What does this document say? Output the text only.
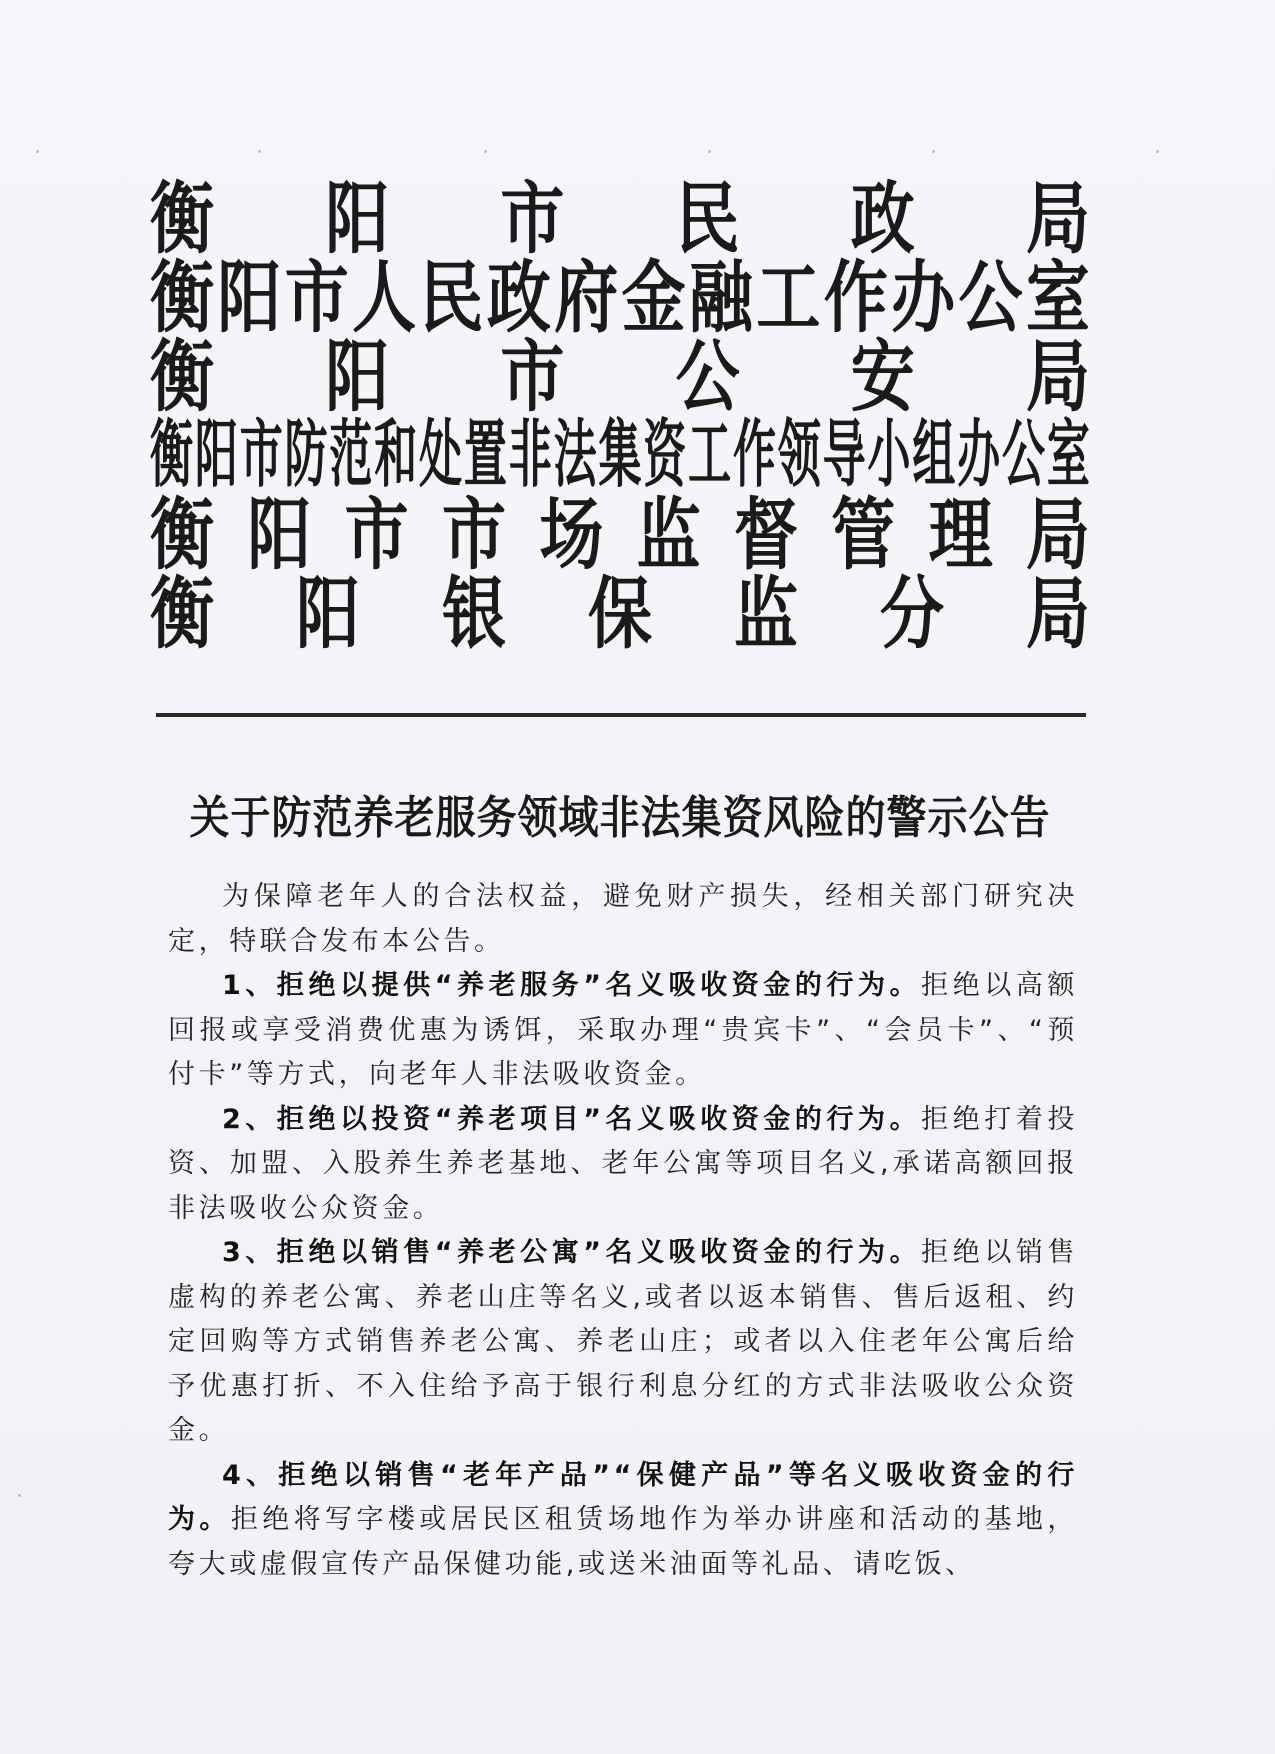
衡 阳 市 民 政 局
衡 阳 市 人 民 政 府 金 融 工 作 办 公 室
衡 阳 市 公 安 局
衡 阳 市 防 范 和 处 置 非 法 集 资 工 作 领 导 小 组 办 公 室
衡 阳 市 市 场 监 督 管 理 局
衡 阳 银 保 监 分 局
关于防范养老服务领域非法集资风险的警示公告

为保障老年人的合法权益，避免财产损失，经相关部门研究决定，特联合发布本公告。

1、拒绝以提供“养老服务”名义吸收资金的行为。拒绝以高额回报或享受消费优惠为诱饵，采取办理“贵宾卡”、“会员卡”、“预付卡”等方式，向老年人非法吸收资金。

2、拒绝以投资“养老项目”名义吸收资金的行为。拒绝打着投资、加盟、入股养生养老基地、老年公寓等项目名义,承诺高额回报非法吸收公众资金。

3、拒绝以销售“养老公寓”名义吸收资金的行为。拒绝以销售虚构的养老公寓、养老山庄等名义,或者以返本销售、售后返租、约定回购等方式销售养老公寓、养老山庄；或者以入住老年公寓后给予优惠打折、不入住给予高于银行利息分红的方式非法吸收公众资金。

4、拒绝以销售“老年产品”“保健产品”等名义吸收资金的行为。拒绝将写字楼或居民区租赁场地作为举办讲座和活动的基地，夸大或虚假宣传产品保健功能,或送米油面等礼品、请吃饭、
